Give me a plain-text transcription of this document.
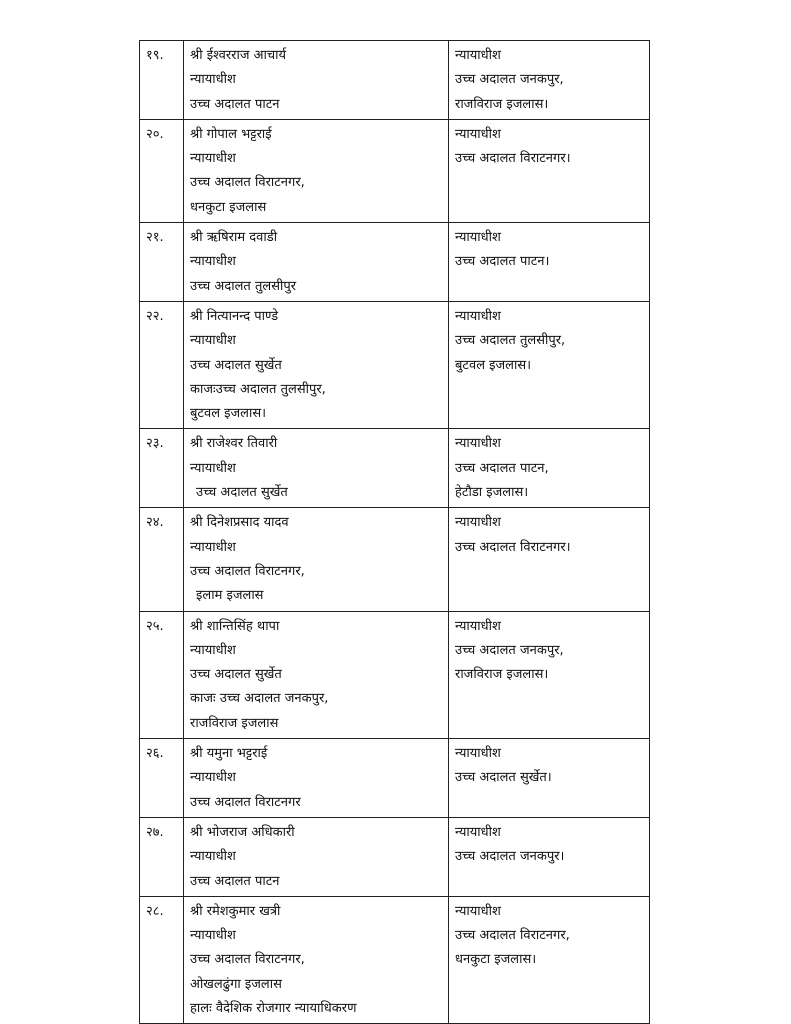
१९.	श्री ईश्वरराज आचार्य
न्यायाधीश
उच्च अदालत पाटन	न्यायाधीश
उच्च अदालत जनकपुर,
राजविराज इजलास।

२०.	श्री गोपाल भट्टराई
न्यायाधीश
उच्च अदालत विराटनगर,
धनकुटा इजलास	न्यायाधीश
उच्च अदालत विराटनगर।

२१.	श्री ऋषिराम दवाडी
न्यायाधीश
उच्च अदालत तुलसीपुर	न्यायाधीश
उच्च अदालत पाटन।

२२.	श्री नित्यानन्द पाण्डे
न्यायाधीश
उच्च अदालत सुर्खेत
काजःउच्च अदालत तुलसीपुर,
बुटवल इजलास।	न्यायाधीश
उच्च अदालत तुलसीपुर,
बुटवल इजलास।

२३.	श्री राजेश्वर तिवारी
न्यायाधीश
उच्च अदालत सुर्खेत	न्यायाधीश
उच्च अदालत पाटन,
हेटौडा इजलास।

२४.	श्री दिनेशप्रसाद यादव
न्यायाधीश
उच्च अदालत विराटनगर,
इलाम इजलास	न्यायाधीश
उच्च अदालत विराटनगर।

२५.	श्री शान्तिसिंह थापा
न्यायाधीश
उच्च अदालत सुर्खेत
काजः उच्च अदालत जनकपुर,
राजविराज इजलास	न्यायाधीश
उच्च अदालत जनकपुर,
राजविराज इजलास।

२६.	श्री यमुना भट्टराई
न्यायाधीश
उच्च अदालत विराटनगर	न्यायाधीश
उच्च अदालत सुर्खेत।

२७.	श्री भोजराज अधिकारी
न्यायाधीश
उच्च अदालत पाटन	न्यायाधीश
उच्च अदालत जनकपुर।

२८.	श्री रमेशकुमार खत्री
न्यायाधीश
उच्च अदालत विराटनगर,
ओखलढुंगा इजलास
हालः वैदेशिक रोजगार न्यायाधिकरण	न्यायाधीश
उच्च अदालत विराटनगर,
धनकुटा इजलास।
